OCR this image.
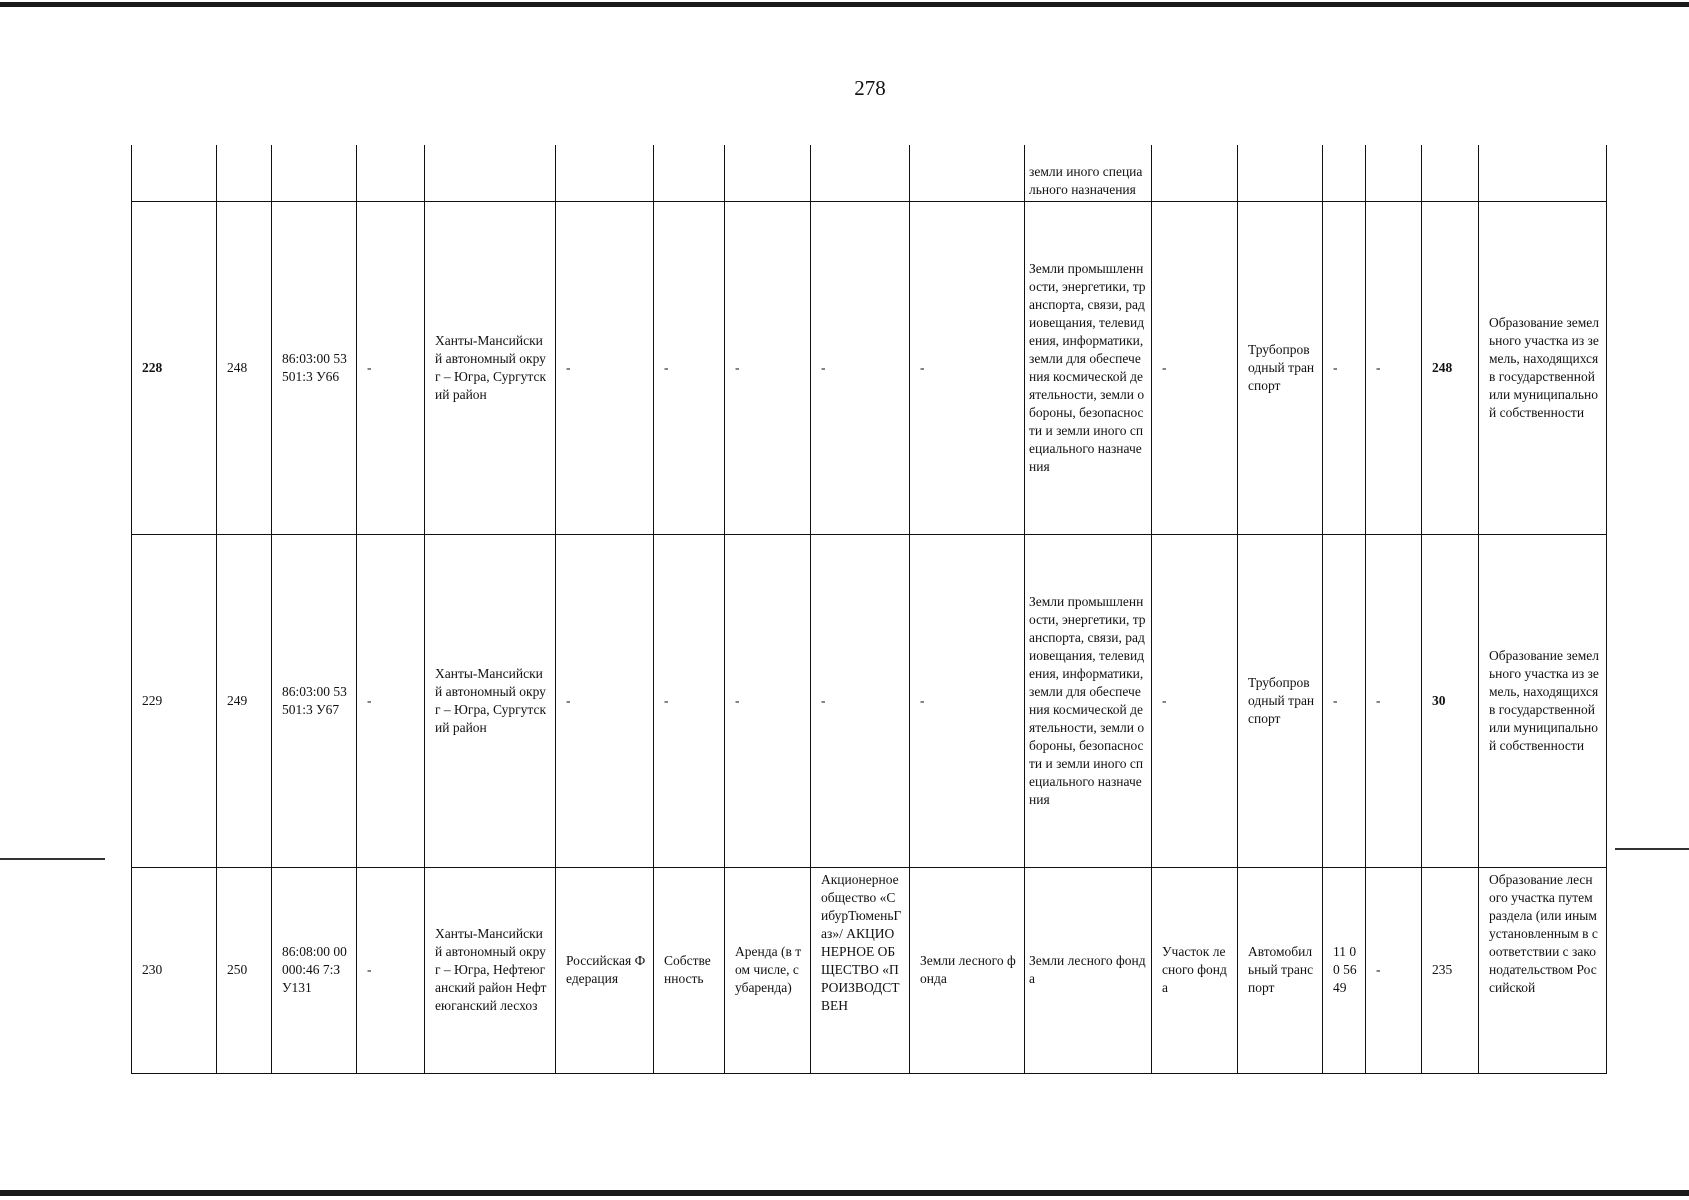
278
										земли иного специального назначения						
228	248	86:03:00 53501:3 У66	-	Ханты-Мансийский автономный округ – Югра, Сургутский район	-	-	-	-	-	Земли промышленности, энергетики, транспорта, связи, радиовещания, телевидения, информатики, земли для обеспечения космической деятельности, земли обороны, безопасности и земли иного специального назначения	-	Трубопроводный транспорт	-	-	248	Образование земельного участка из земель, находящихся в государственной или муниципальной собственности
229	249	86:03:00 53501:3 У67	-	Ханты-Мансийский автономный округ – Югра, Сургутский район	-	-	-	-	-	Земли промышленности, энергетики, транспорта, связи, радиовещания, телевидения, информатики, земли для обеспечения космической деятельности, земли обороны, безопасности и земли иного специального назначения	-	Трубопроводный транспорт	-	-	30	Образование земельного участка из земель, находящихся в государственной или муниципальной собственности
230	250	86:08:00 00000:46 7:ЗУ131	-	Ханты-Мансийский автономный округ – Югра, Нефтеюганский район Нефтеюганский лесхоз	Российская Федерация	Собственность	Аренда (в том числе, субаренда)	Акционерное общество «СибурТюменьГаз»/ АКЦИОНЕРНОЕ ОБЩЕСТВО «ПРОИЗВОДСТВЕН	Земли лесного фонда	Земли лесного фонда	Участок лесного фонда	Автомобильный транспорт	11 00 56 49	-	235	Образование лесного участка путем раздела (или иным установленным в соответствии с законодательством Российской
